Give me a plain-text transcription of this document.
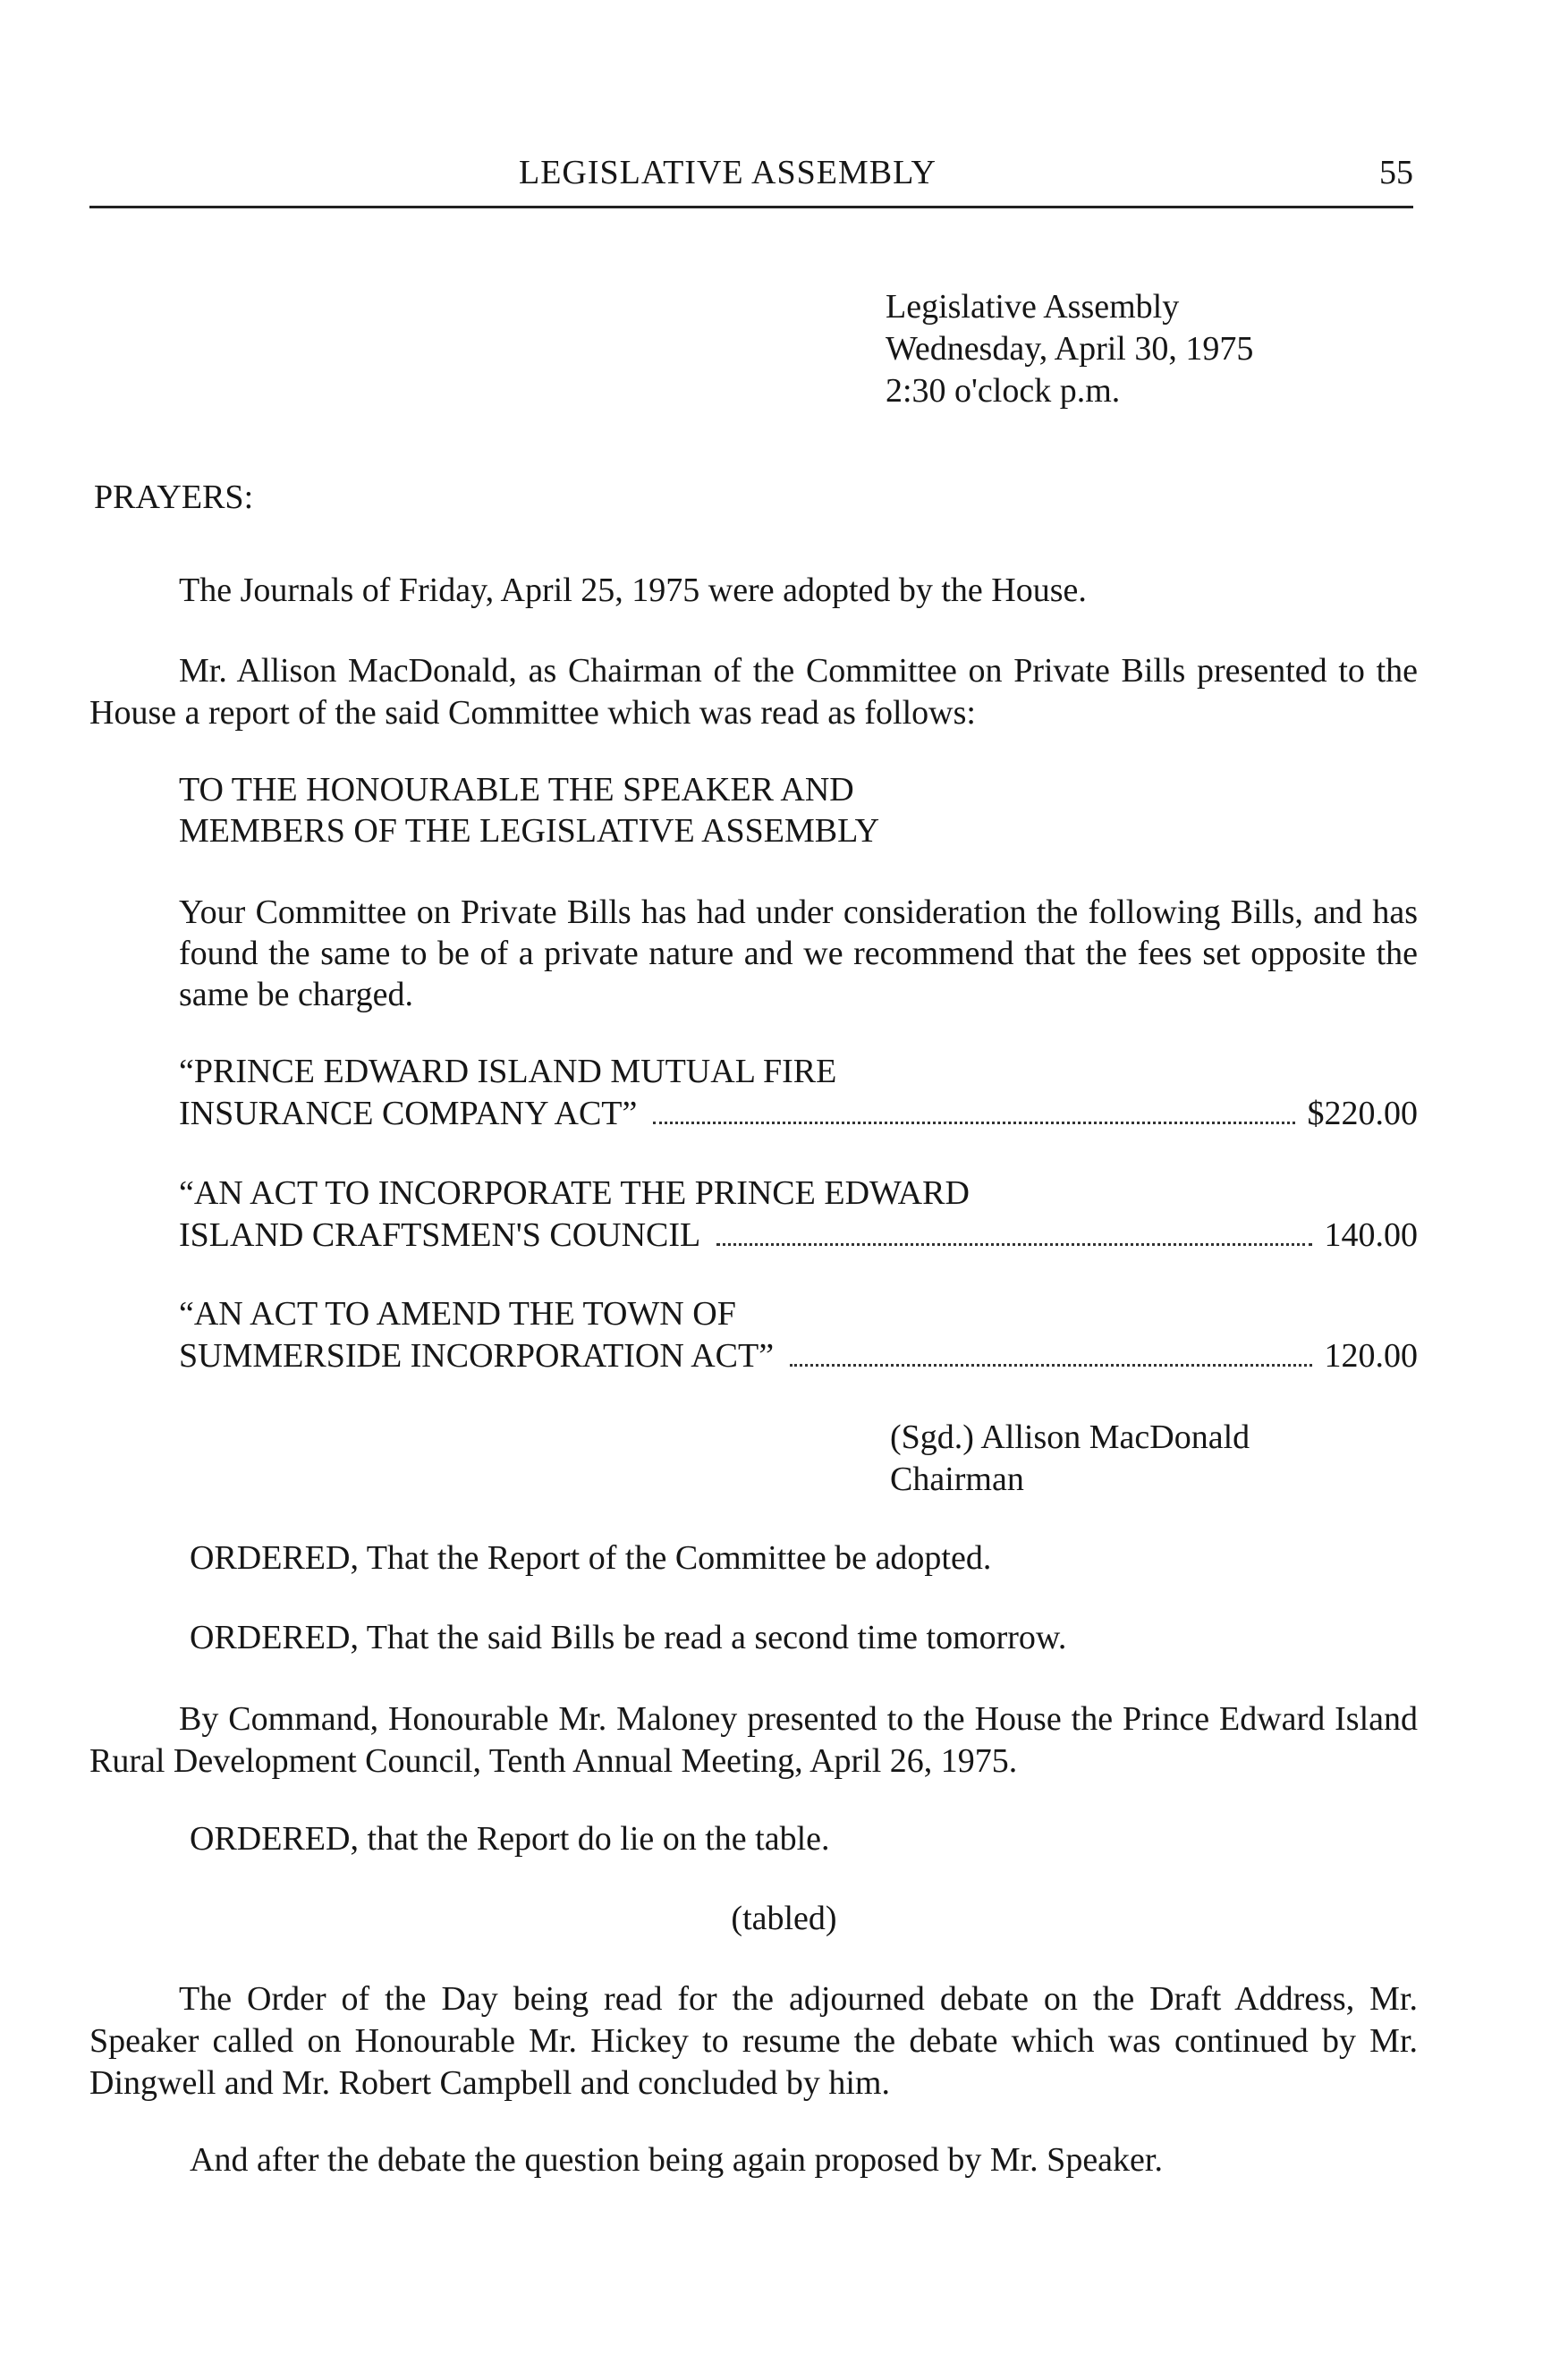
LEGISLATIVE ASSEMBLY	55
Legislative Assembly
Wednesday, April 30, 1975
2:30 o'clock p.m.
PRAYERS:
The Journals of Friday, April 25, 1975 were adopted by the House.
Mr. Allison MacDonald, as Chairman of the Committee on Private Bills presented to the House a report of the said Committee which was read as follows:
TO THE HONOURABLE THE SPEAKER AND
MEMBERS OF THE LEGISLATIVE ASSEMBLY
Your Committee on Private Bills has had under consideration the following Bills, and has found the same to be of a private nature and we recommend that the fees set opposite the same be charged.
“PRINCE EDWARD ISLAND MUTUAL FIRE
INSURANCE COMPANY ACT”	$220.00
“AN ACT TO INCORPORATE THE PRINCE EDWARD
ISLAND CRAFTSMEN'S COUNCIL	140.00
“AN ACT TO AMEND THE TOWN OF
SUMMERSIDE INCORPORATION ACT”	120.00
(Sgd.) Allison MacDonald
Chairman
ORDERED, That the Report of the Committee be adopted.
ORDERED, That the said Bills be read a second time tomorrow.
By Command, Honourable Mr. Maloney presented to the House the Prince Edward Island Rural Development Council, Tenth Annual Meeting, April 26, 1975.
ORDERED, that the Report do lie on the table.
(tabled)
The Order of the Day being read for the adjourned debate on the Draft Address, Mr. Speaker called on Honourable Mr. Hickey to resume the debate which was continued by Mr. Dingwell and Mr. Robert Campbell and concluded by him.
And after the debate the question being again proposed by Mr. Speaker.
